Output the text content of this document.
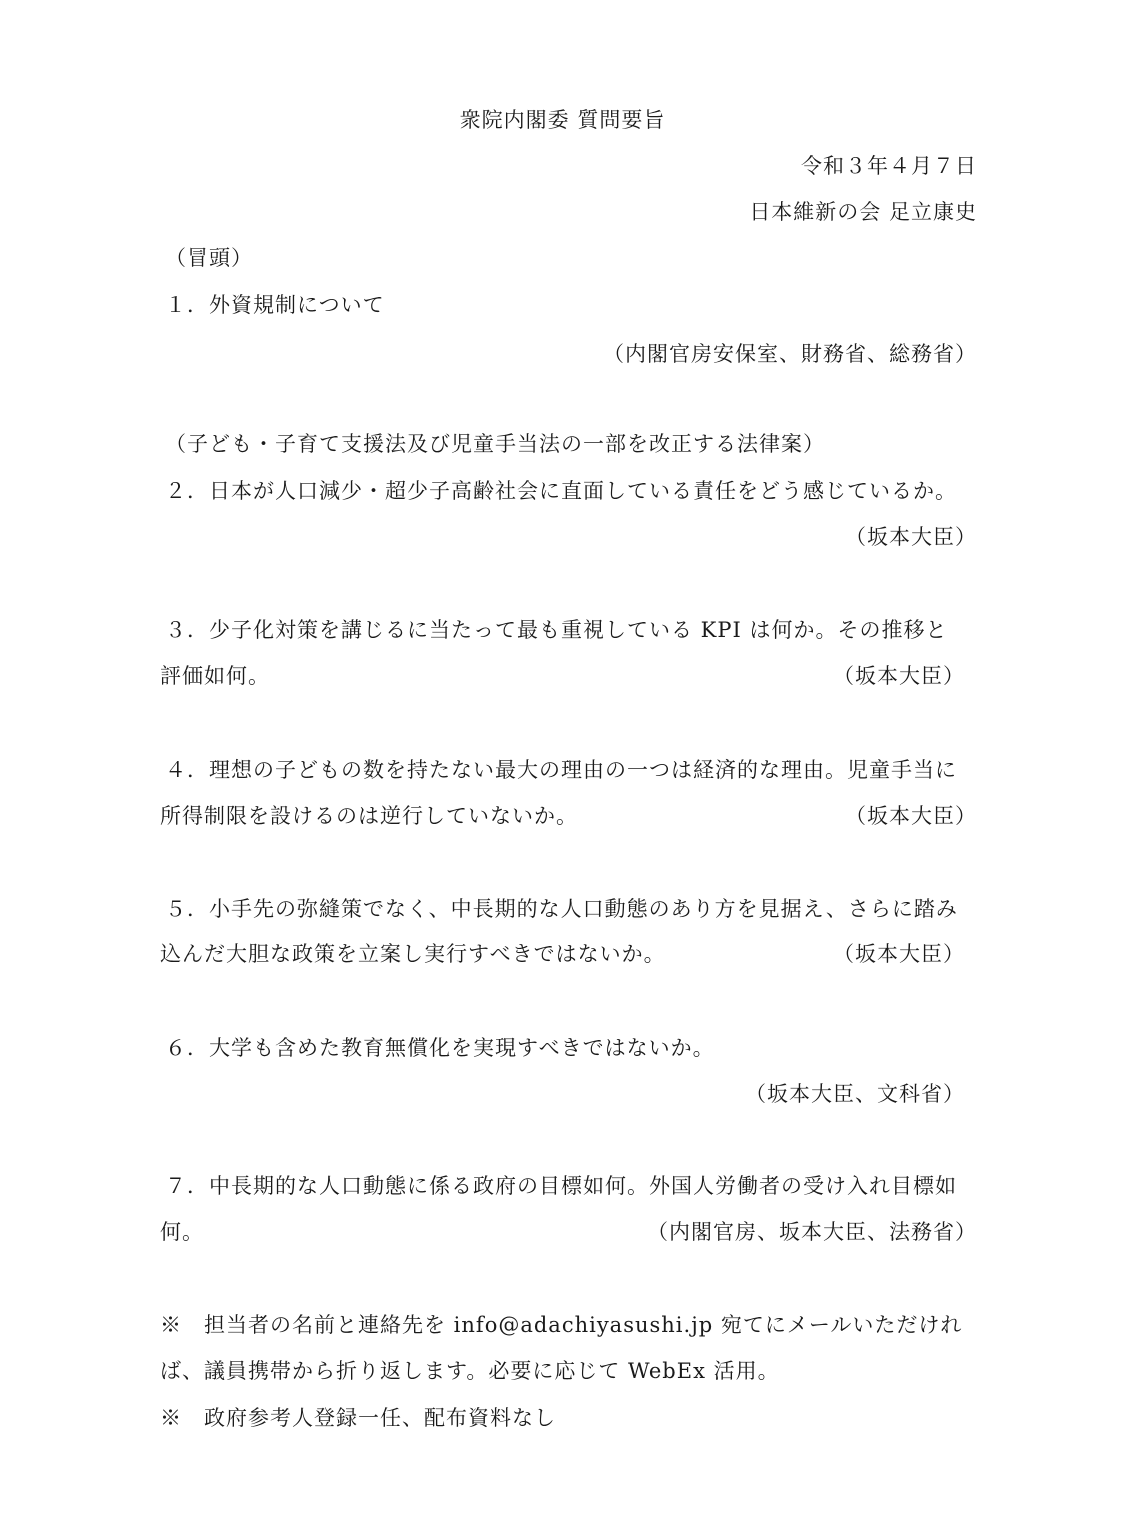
衆院内閣委 質問要旨
令和３年４月７日
日本維新の会 足立康史
（冒頭）
１．外資規制について
（内閣官房安保室、財務省、総務省）
（子ども・子育て支援法及び児童手当法の一部を改正する法律案）
２．日本が人口減少・超少子高齢社会に直面している責任をどう感じているか。
（坂本大臣）
３．少子化対策を講じるに当たって最も重視している KPI は何か。その推移と
評価如何。	（坂本大臣）
４．理想の子どもの数を持たない最大の理由の一つは経済的な理由。児童手当に
所得制限を設けるのは逆行していないか。	（坂本大臣）
５．小手先の弥縫策でなく、中長期的な人口動態のあり方を見据え、さらに踏み
込んだ大胆な政策を立案し実行すべきではないか。	（坂本大臣）
６．大学も含めた教育無償化を実現すべきではないか。
（坂本大臣、文科省）
７．中長期的な人口動態に係る政府の目標如何。外国人労働者の受け入れ目標如
何。	（内閣官房、坂本大臣、法務省）
※　担当者の名前と連絡先を info@adachiyasushi.jp 宛てにメールいただけれ
ば、議員携帯から折り返します。必要に応じて WebEx 活用。
※　政府参考人登録一任、配布資料なし
